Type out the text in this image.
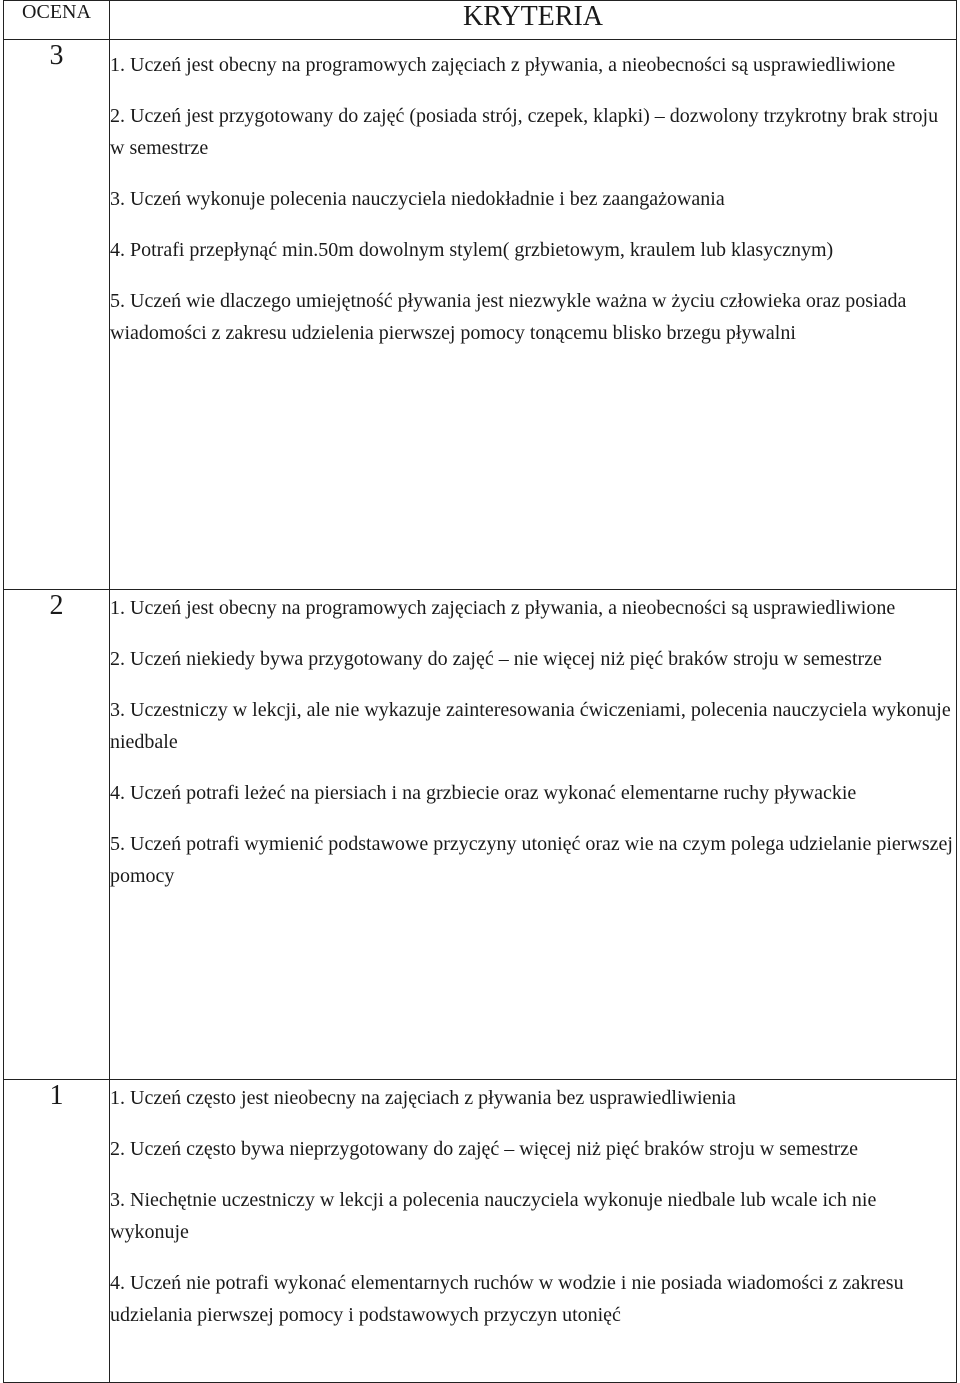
OCENA	KRYTERIA
3	1. Uczeń jest obecny na programowych zajęciach z pływania, a nieobecności są usprawiedliwione
2. Uczeń jest przygotowany do zajęć (posiada strój, czepek, klapki) – dozwolony trzykrotny brak stroju w semestrze
3. Uczeń wykonuje polecenia nauczyciela niedokładnie i bez zaangażowania
4. Potrafi przepłynąć min.50m dowolnym stylem( grzbietowym, kraulem lub klasycznym)
5. Uczeń wie dlaczego umiejętność pływania jest niezwykle ważna w życiu człowieka oraz posiada wiadomości z zakresu udzielenia pierwszej pomocy tonącemu blisko brzegu pływalni

2	1. Uczeń jest obecny na programowych zajęciach z pływania, a nieobecności są usprawiedliwione
2. Uczeń niekiedy bywa przygotowany do zajęć – nie więcej niż pięć braków stroju w semestrze
3. Uczestniczy w lekcji, ale nie wykazuje zainteresowania ćwiczeniami, polecenia nauczyciela wykonuje niedbale
4. Uczeń potrafi leżeć na piersiach i na grzbiecie oraz wykonać elementarne ruchy pływackie
5. Uczeń potrafi wymienić podstawowe przyczyny utonięć oraz wie na czym polega udzielanie pierwszej pomocy

1	1. Uczeń często jest nieobecny na zajęciach z pływania bez usprawiedliwienia
2. Uczeń często bywa nieprzygotowany do zajęć – więcej niż pięć braków stroju w semestrze
3. Niechętnie uczestniczy w lekcji a polecenia nauczyciela wykonuje niedbale lub wcale ich nie wykonuje
4. Uczeń nie potrafi wykonać elementarnych ruchów w wodzie i nie posiada wiadomości z zakresu udzielania pierwszej pomocy i podstawowych przyczyn utonięć
